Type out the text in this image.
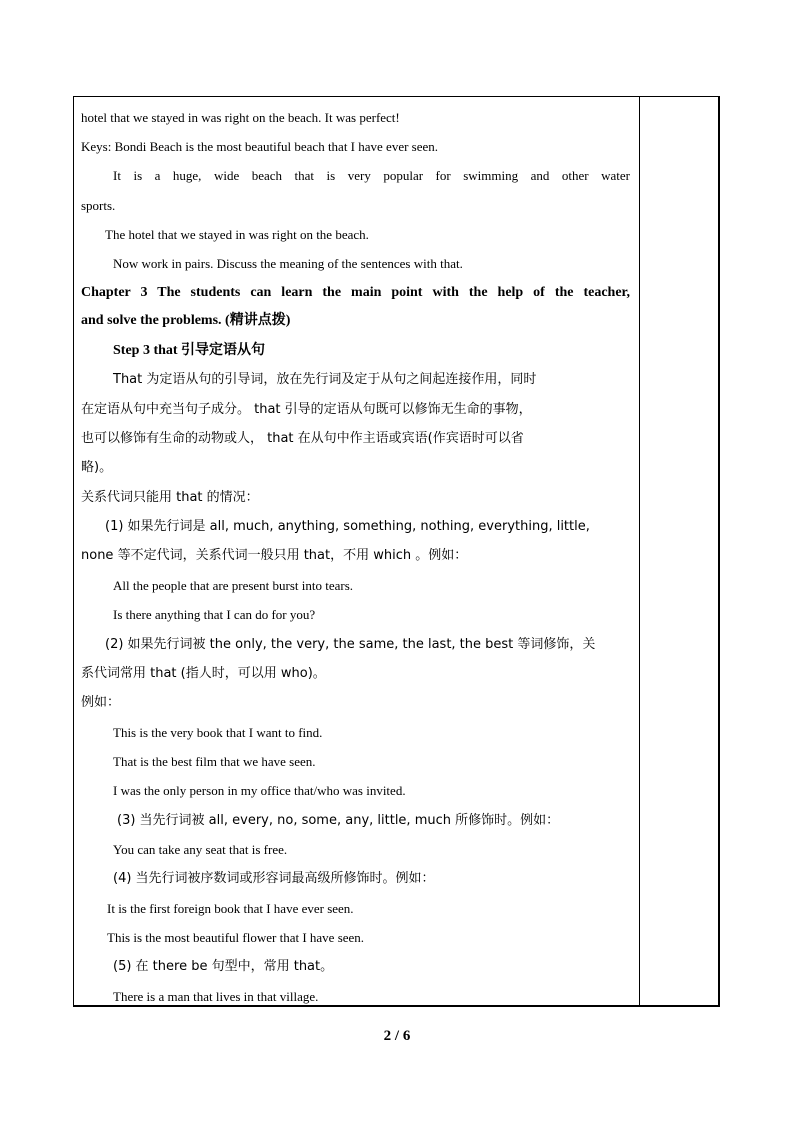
hotel that we stayed in was right on the beach. It was perfect!
Keys: Bondi Beach is the most beautiful beach that I have ever seen.
It is a huge, wide beach that is very popular for swimming and other water
sports.
The hotel that we stayed in was right on the beach.
Now work in pairs. Discuss the meaning of the sentences with that.
Chapter 3 The students can learn the main point with the help of the teacher,
and solve the problems. (精讲点拨)
Step 3 that 引导定语从句
That 为定语从句的引导词，放在先行词及定于从句之间起连接作用，同时
在定语从句中充当句子成分。 that 引导的定语从句既可以修饰无生命的事物，
也可以修饰有生命的动物或人， that 在从句中作主语或宾语(作宾语时可以省
略)。
关系代词只能用 that 的情况：
(1) 如果先行词是 all, much, anything, something, nothing, everything, little,
none 等不定代词，关系代词一般只用 that，不用 which 。例如：
All the people that are present burst into tears.
Is there anything that I can do for you?
(2) 如果先行词被 the only, the very, the same, the last, the best 等词修饰，关
系代词常用 that (指人时，可以用 who)。
例如：
This is the very book that I want to find.
That is the best film that we have seen.
I was the only person in my office that/who was invited.
(3) 当先行词被 all, every, no, some, any, little, much 所修饰时。例如：
You can take any seat that is free.
(4) 当先行词被序数词或形容词最高级所修饰时。例如：
It is the first foreign book that I have ever seen.
This is the most beautiful flower that I have seen.
(5) 在 there be 句型中，常用 that。
There is a man that lives in that village.
2 / 6
